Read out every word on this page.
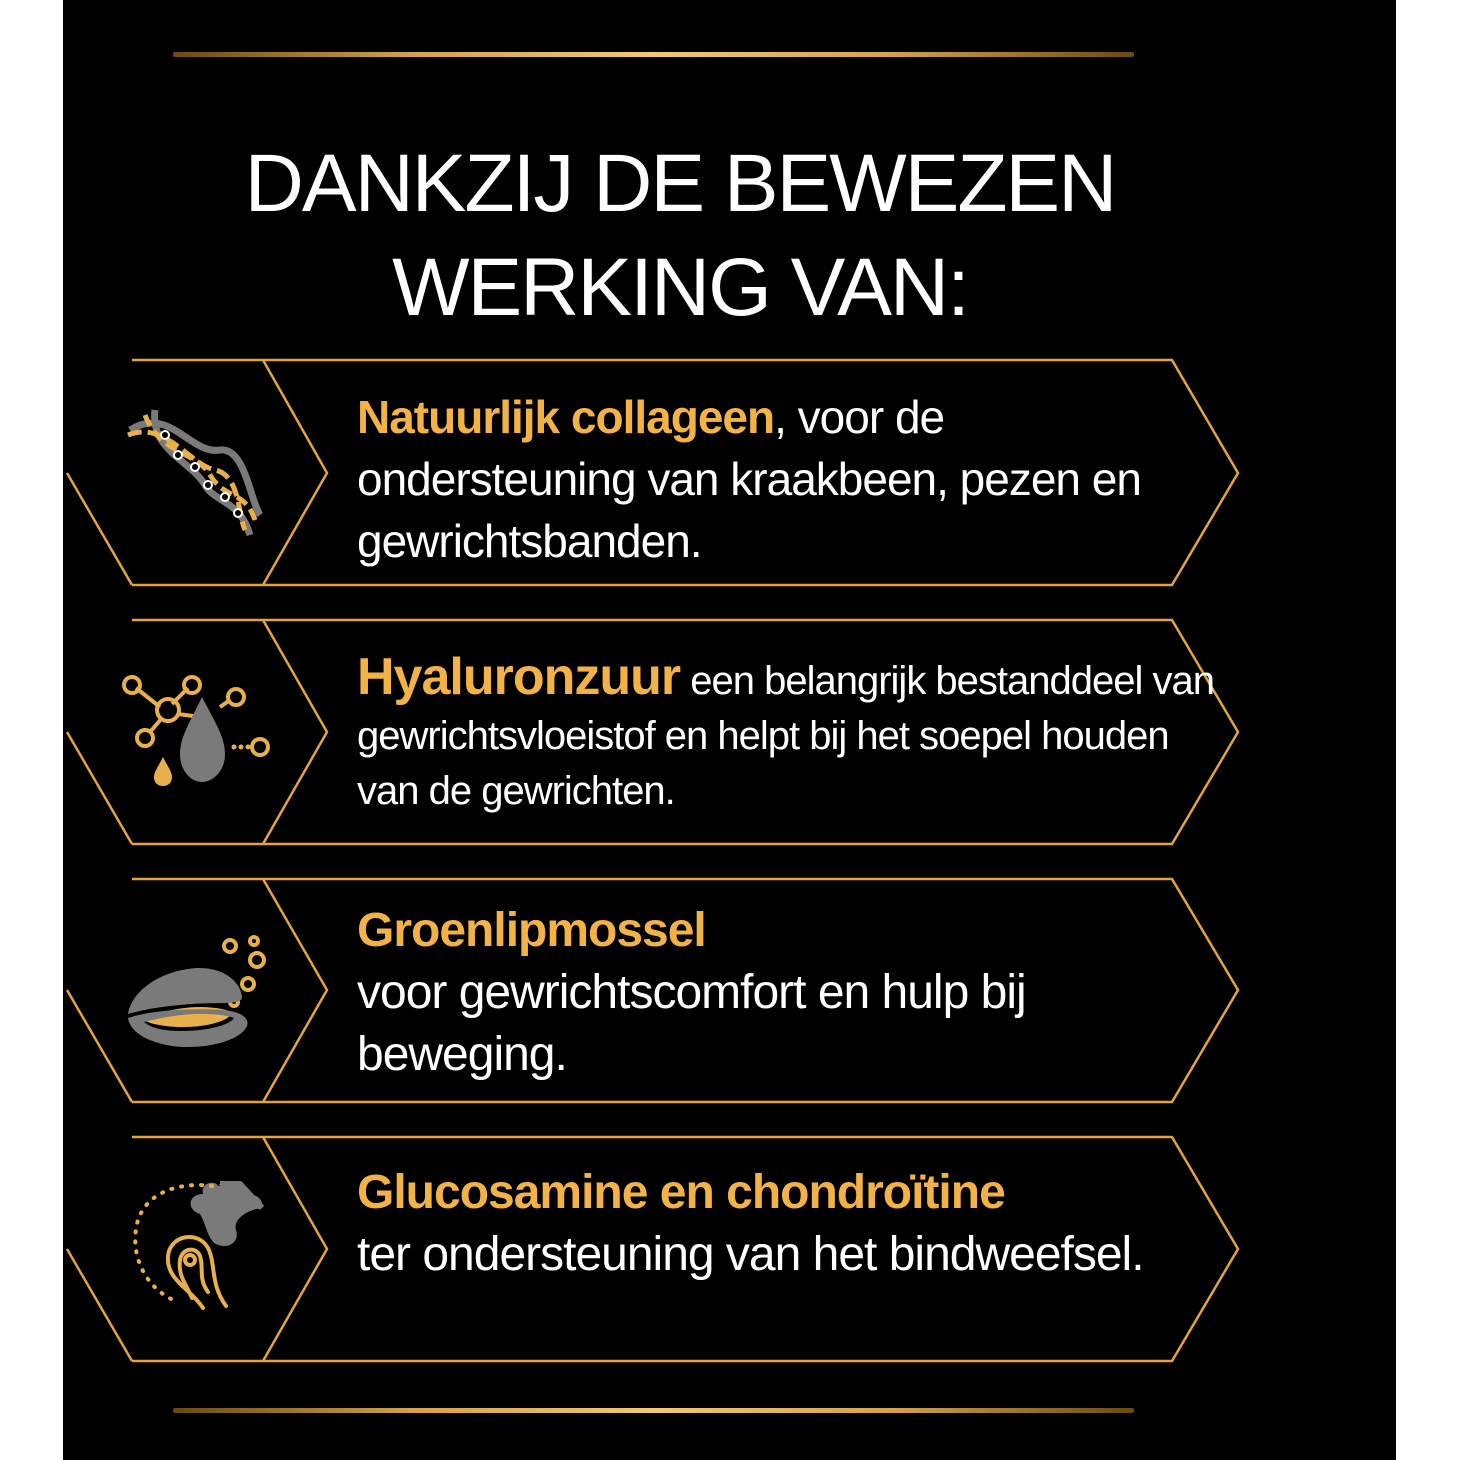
DANKZIJ DE BEWEZEN
WERKING VAN:

Natuurlijk collageen, voor de ondersteuning van kraakbeen, pezen en gewrichtsbanden.

Hyaluronzuur een belangrijk bestanddeel van gewrichtsvloeistof en helpt bij het soepel houden van de gewrichten.

Groenlipmossel
voor gewrichtscomfort en hulp bij beweging.

Glucosamine en chondroïtine
ter ondersteuning van het bindweefsel.
